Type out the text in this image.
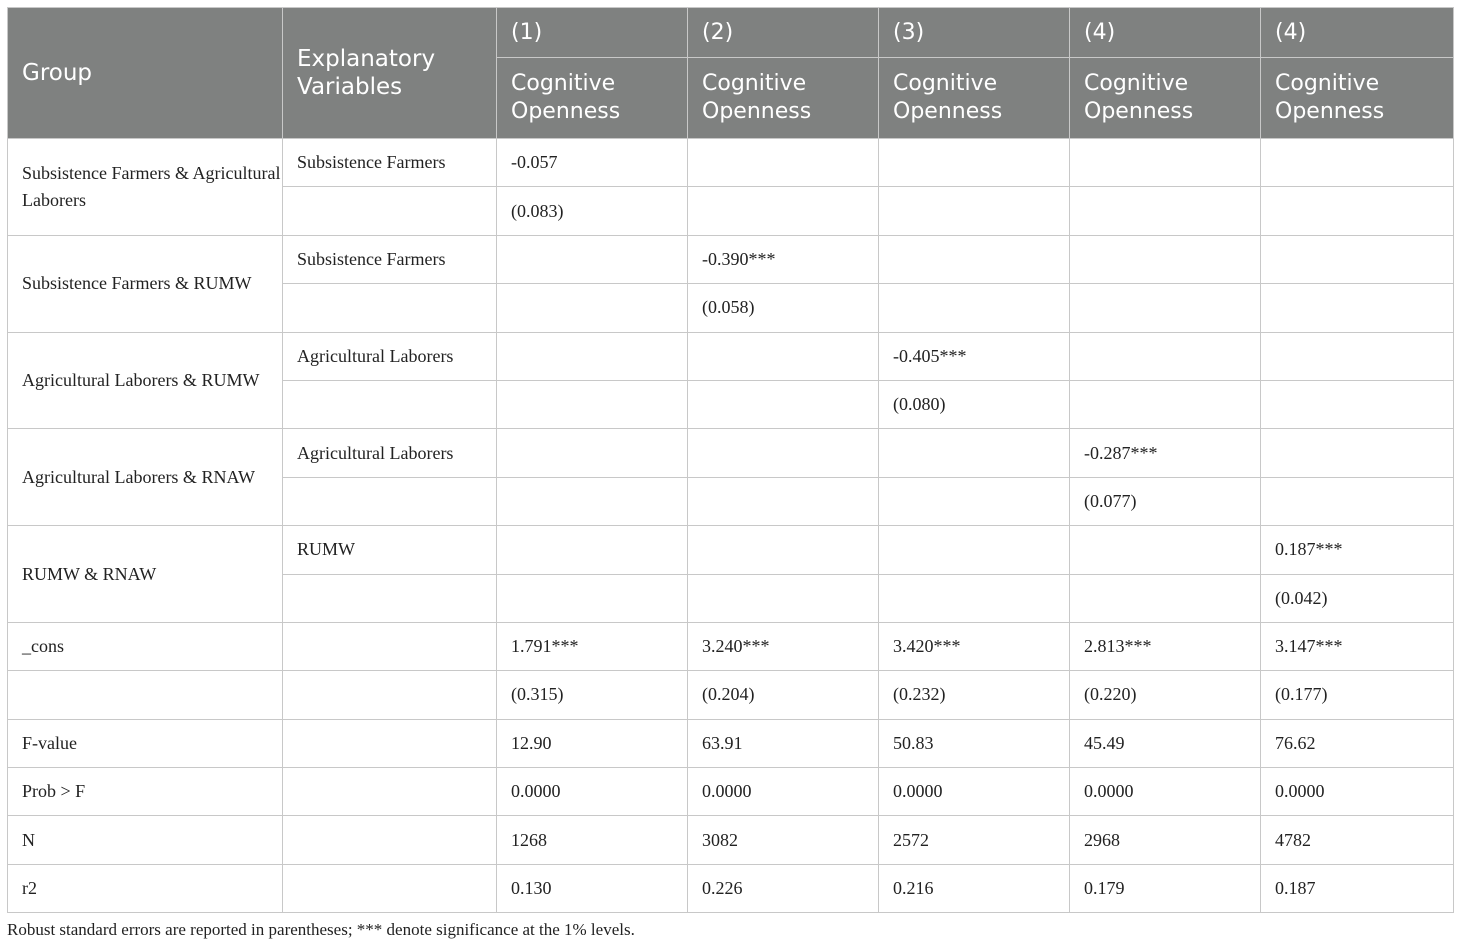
Group	Explanatory Variables	(1)	(2)	(3)	(4)	(4)
		Cognitive Openness	Cognitive Openness	Cognitive Openness	Cognitive Openness	Cognitive Openness
Subsistence Farmers & Agricultural Laborers	Subsistence Farmers	-0.057				
		(0.083)				
Subsistence Farmers & RUMW	Subsistence Farmers		-0.390***			
			(0.058)			
Agricultural Laborers & RUMW	Agricultural Laborers			-0.405***		
				(0.080)		
Agricultural Laborers & RNAW	Agricultural Laborers				-0.287***	
					(0.077)	
RUMW & RNAW	RUMW					0.187***
						(0.042)
_cons		1.791***	3.240***	3.420***	2.813***	3.147***
		(0.315)	(0.204)	(0.232)	(0.220)	(0.177)
F-value		12.90	63.91	50.83	45.49	76.62
Prob > F		0.0000	0.0000	0.0000	0.0000	0.0000
N		1268	3082	2572	2968	4782
r2		0.130	0.226	0.216	0.179	0.187
Robust standard errors are reported in parentheses; *** denote significance at the 1% levels.
